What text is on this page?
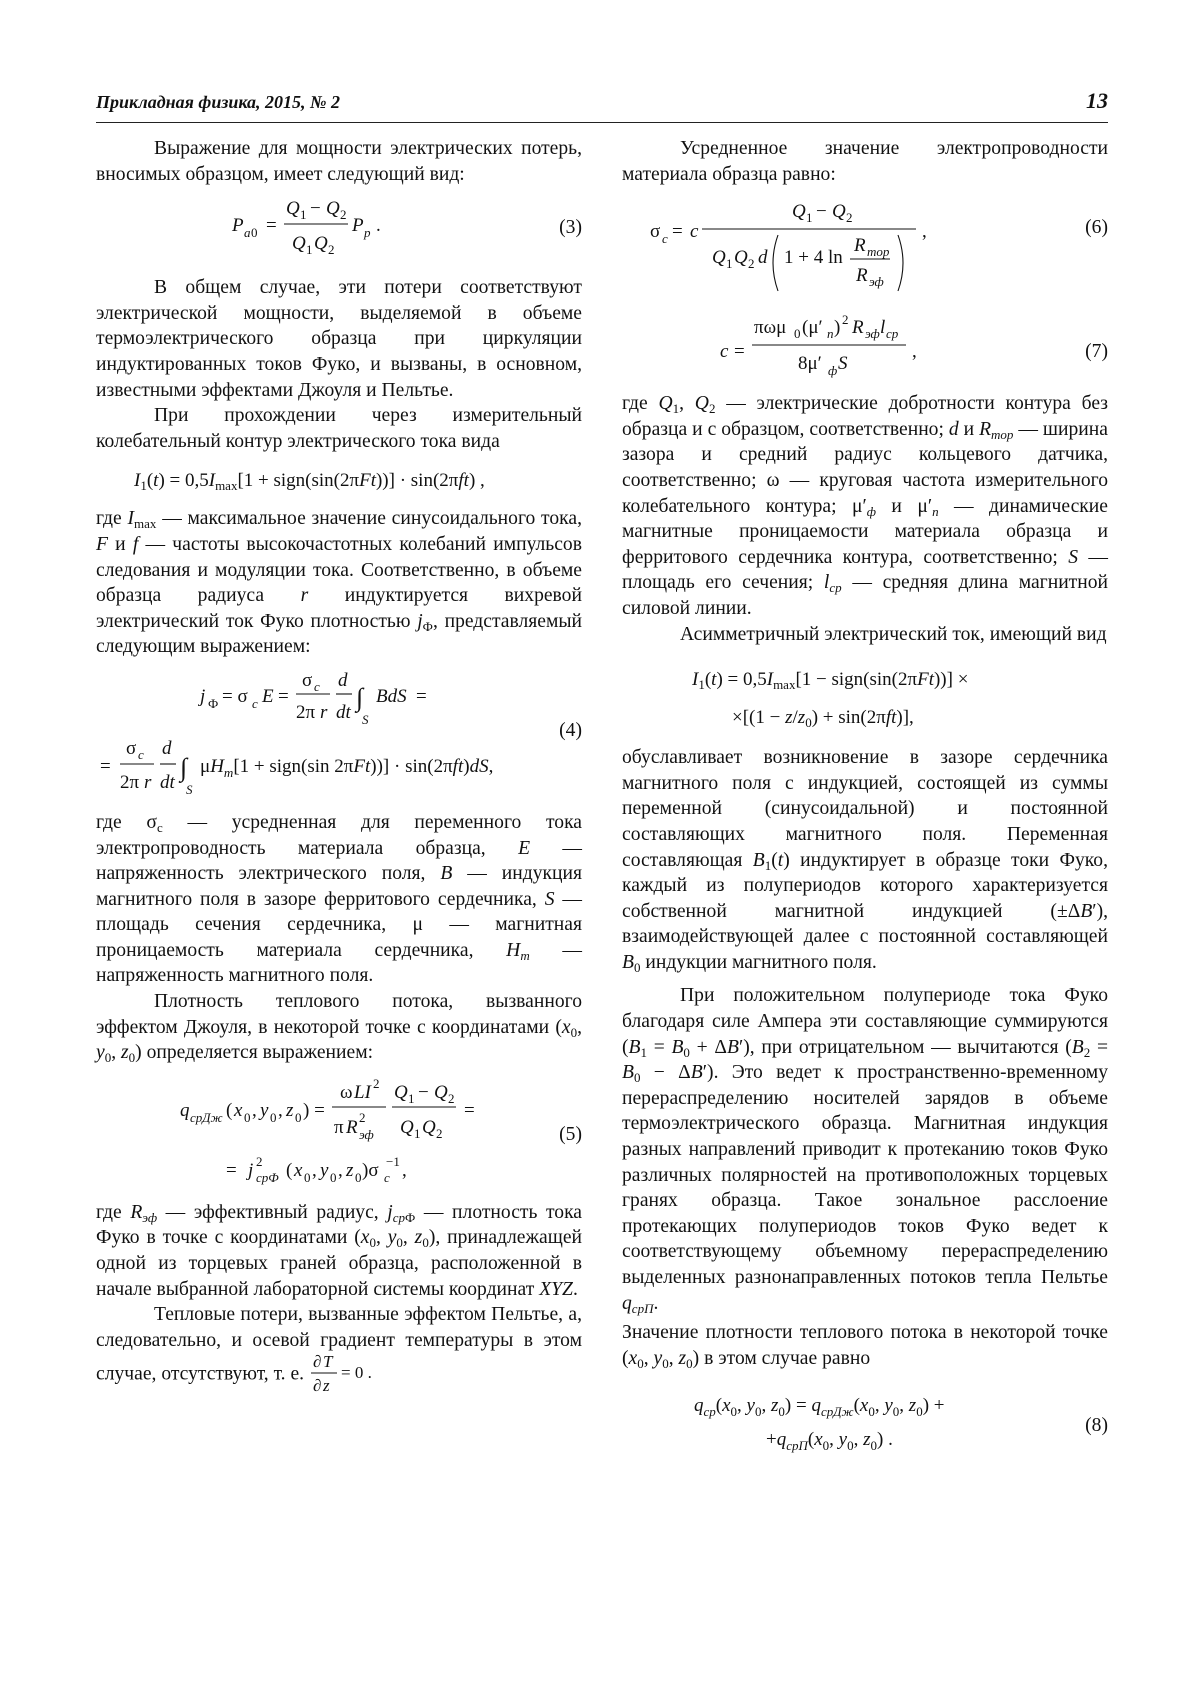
Прикладная физика, 2015, № 2	13

Выражение для мощности электрических потерь, вносимых образцом, имеет следующий вид:

P a 0 =
Q 1 − Q 2
Q 1 Q 2
P p .	(3)

В общем случае, эти потери соответствуют электрической мощности, выделяемой в объеме термоэлектрического образца при циркуляции индуктированных токов Фуко, и вызваны, в основном, известными эффектами Джоуля и Пельтье.

При прохождении через измерительный колебательный контур электрического тока вида

$I_1(t) = 0,5I_{max}[1$ + sign(sin(2πFt))] · sin(2πft) ,

где $I_{max}$ — максимальное значение синусоидального тока, F и f — частоты высокочастотных колебаний импульсов следования и модуляции тока. Соответственно, в объеме образца радиуса r индуктируется вихревой электрический ток Фуко плотностью $j_Ф$, представляемый следующим выражением:

j Ф = σ c E =
σ c
2π r
d
dt
∫
S
BdS =
=
σ c
2π r
d
dt
∫
S
$\mu H_m[1$ + sign(sin 2πFt))] · sin(2πft)dS,
(4)

где $\sigma_c$ — усредненная для переменного тока электропроводность материала образца, E — напряженность электрического поля, B — индукция магнитного поля в зазоре ферритового сердечника, S — площадь сечения сердечника, μ — магнитная проницаемость материала сердечника, $H_m$ — напряженность магнитного поля.

Плотность теплового потока, вызванного эффектом Джоуля, в некоторой точке с координатами ($x_0$, $y_0$, $z_0$) определяется выражением:

q срДж ( x 0 , y 0 , z 0 ) =
ω LI 2
π R 2
эф
Q 1 − Q 2
Q 1 Q 2
=
= j 2
срФ ( x 0 , y 0 , z 0 )σ c
−1 ,
(5)

где $R_{эф}$ — эффективный радиус, $j_{срФ}$ — плотность тока Фуко в точке с координатами ($x_0$, $y_0$, $z_0$), принадлежащей одной из торцевых граней образца, расположенной в начале выбранной лабораторной системы координат XYZ.

Тепловые потери, вызванные эффектом Пельтье, а, следовательно, и осевой градиент температуры в этом случае, отсутствуют, т. е.
∂ T
∂ z
= 0 .

Усредненное значение электропроводности материала образца равно:

σ c = c
Q 1 − Q 2
Q 1 Q 2 d 1 + 4 ln
R тор
R эф
,	(6)
c =
πωμ 0 (μ′ п ) 2 R эф l ср
8μ′ ф S
,	(7)

где $Q_1$, $Q_2$ — электрические добротности контура без образца и с образцом, соответственно; d и $R_{тор}$ — ширина зазора и средний радиус кольцевого датчика, соответственно; ω — круговая частота измерительного колебательного контура; $\mu'_ф$ и $\mu'_п$ — динамические магнитные проницаемости материала образца и ферритового сердечника контура, соответственно; S — площадь его сечения; $l_{ср}$ — средняя длина магнитной силовой линии.

Асимметричный электрический ток, имеющий вид

$I_1(t) = 0,5I_{max}[1$ − sign(sin(2πFt))] ×
$\times[(1 - z/z_0) + \sin(2\pi ft)]$,

обуславливает возникновение в зазоре сердечника магнитного поля с индукцией, состоящей из суммы переменной (синусоидальной) и постоянной составляющих магнитного поля. Переменная составляющая $B_1(t)$ индуктирует в образце токи Фуко, каждый из полупериодов которого характеризуется собственной магнитной индукцией (±ΔB′), взаимодействующей далее с постоянной составляющей $B_0$ индукции магнитного поля.

При положительном полупериоде тока Фуко благодаря силе Ампера эти составляющие суммируются $(B_1 = B_0 + \Delta B')$, при отрицательном — вычитаются $(B_2 = B_0 - \Delta B')$. Это ведет к пространственно-временному перераспределению носителей зарядов в объеме термоэлектрического образца. Магнитная индукция разных направлений приводит к протеканию токов Фуко различных полярностей на противоположных торцевых гранях образца. Такое зональное расслоение протекающих полупериодов токов Фуко ведет к соответствующему объемному перераспределению выделенных разнонаправленных потоков тепла Пельтье $q_{срП}$.

Значение плотности теплового потока в некоторой точке ($x_0$, $y_0$, $z_0$) в этом случае равно

$q_{ср}(x_0$, $y_0$, $z_0) = q_{срДж}(x_0$, $y_0$, $z_0$) +
$+q_{срП}(x_0$, $y_0$, $z_0$) .
(8)
